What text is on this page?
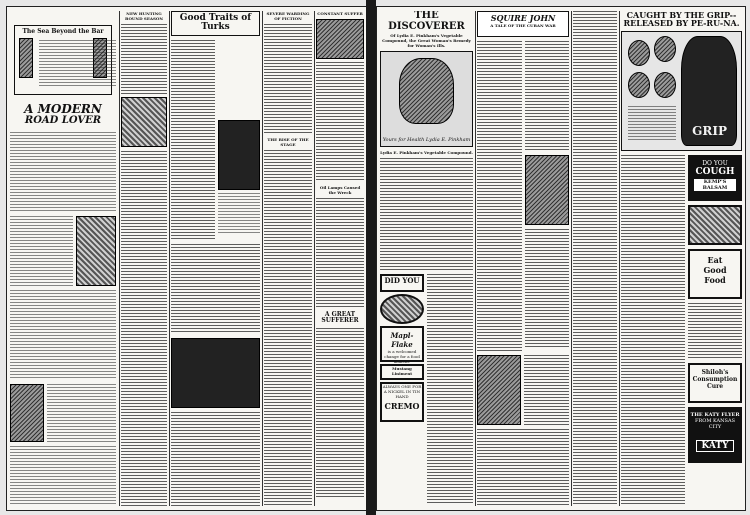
The Sea Beyond the Bar
A MODERN
ROAD LOVER
NEW HUNTING BOUND SEASON	Good Traits of Turks
SEVERE WARDING OF FICTION
THE RISE OF THE STAGE
CONSTANT SUFFER
Oil Lamps Caused the Wreck
A GREAT SUFFERER
THE DISCOVERER
Of Lydia E. Pinkham's Vegetable Compound, the Great Woman's Remedy for Woman's Ills.
Yours for Health Lydia E. Pinkham
Lydia E. Pinkham's Vegetable Compound.
DID YOU
Mapl-Flake
is a welcomed change for a food aliment.
Mustang Liniment
ALWAYS ONE FOR A NICKEL IN TIN HAND
CREMO
SQUIRE JOHN
A TALE OF THE CUBAN WAR
CAUGHT BY THE GRIP--
RELEASED BY PE-RU-NA.
GRIP
DO YOU
COUGH
KEMP'S BALSAM
Eat
Good
Food
Shiloh's Consumption Cure
THE KATY FLYER
FROM KANSAS CITY
KATY
